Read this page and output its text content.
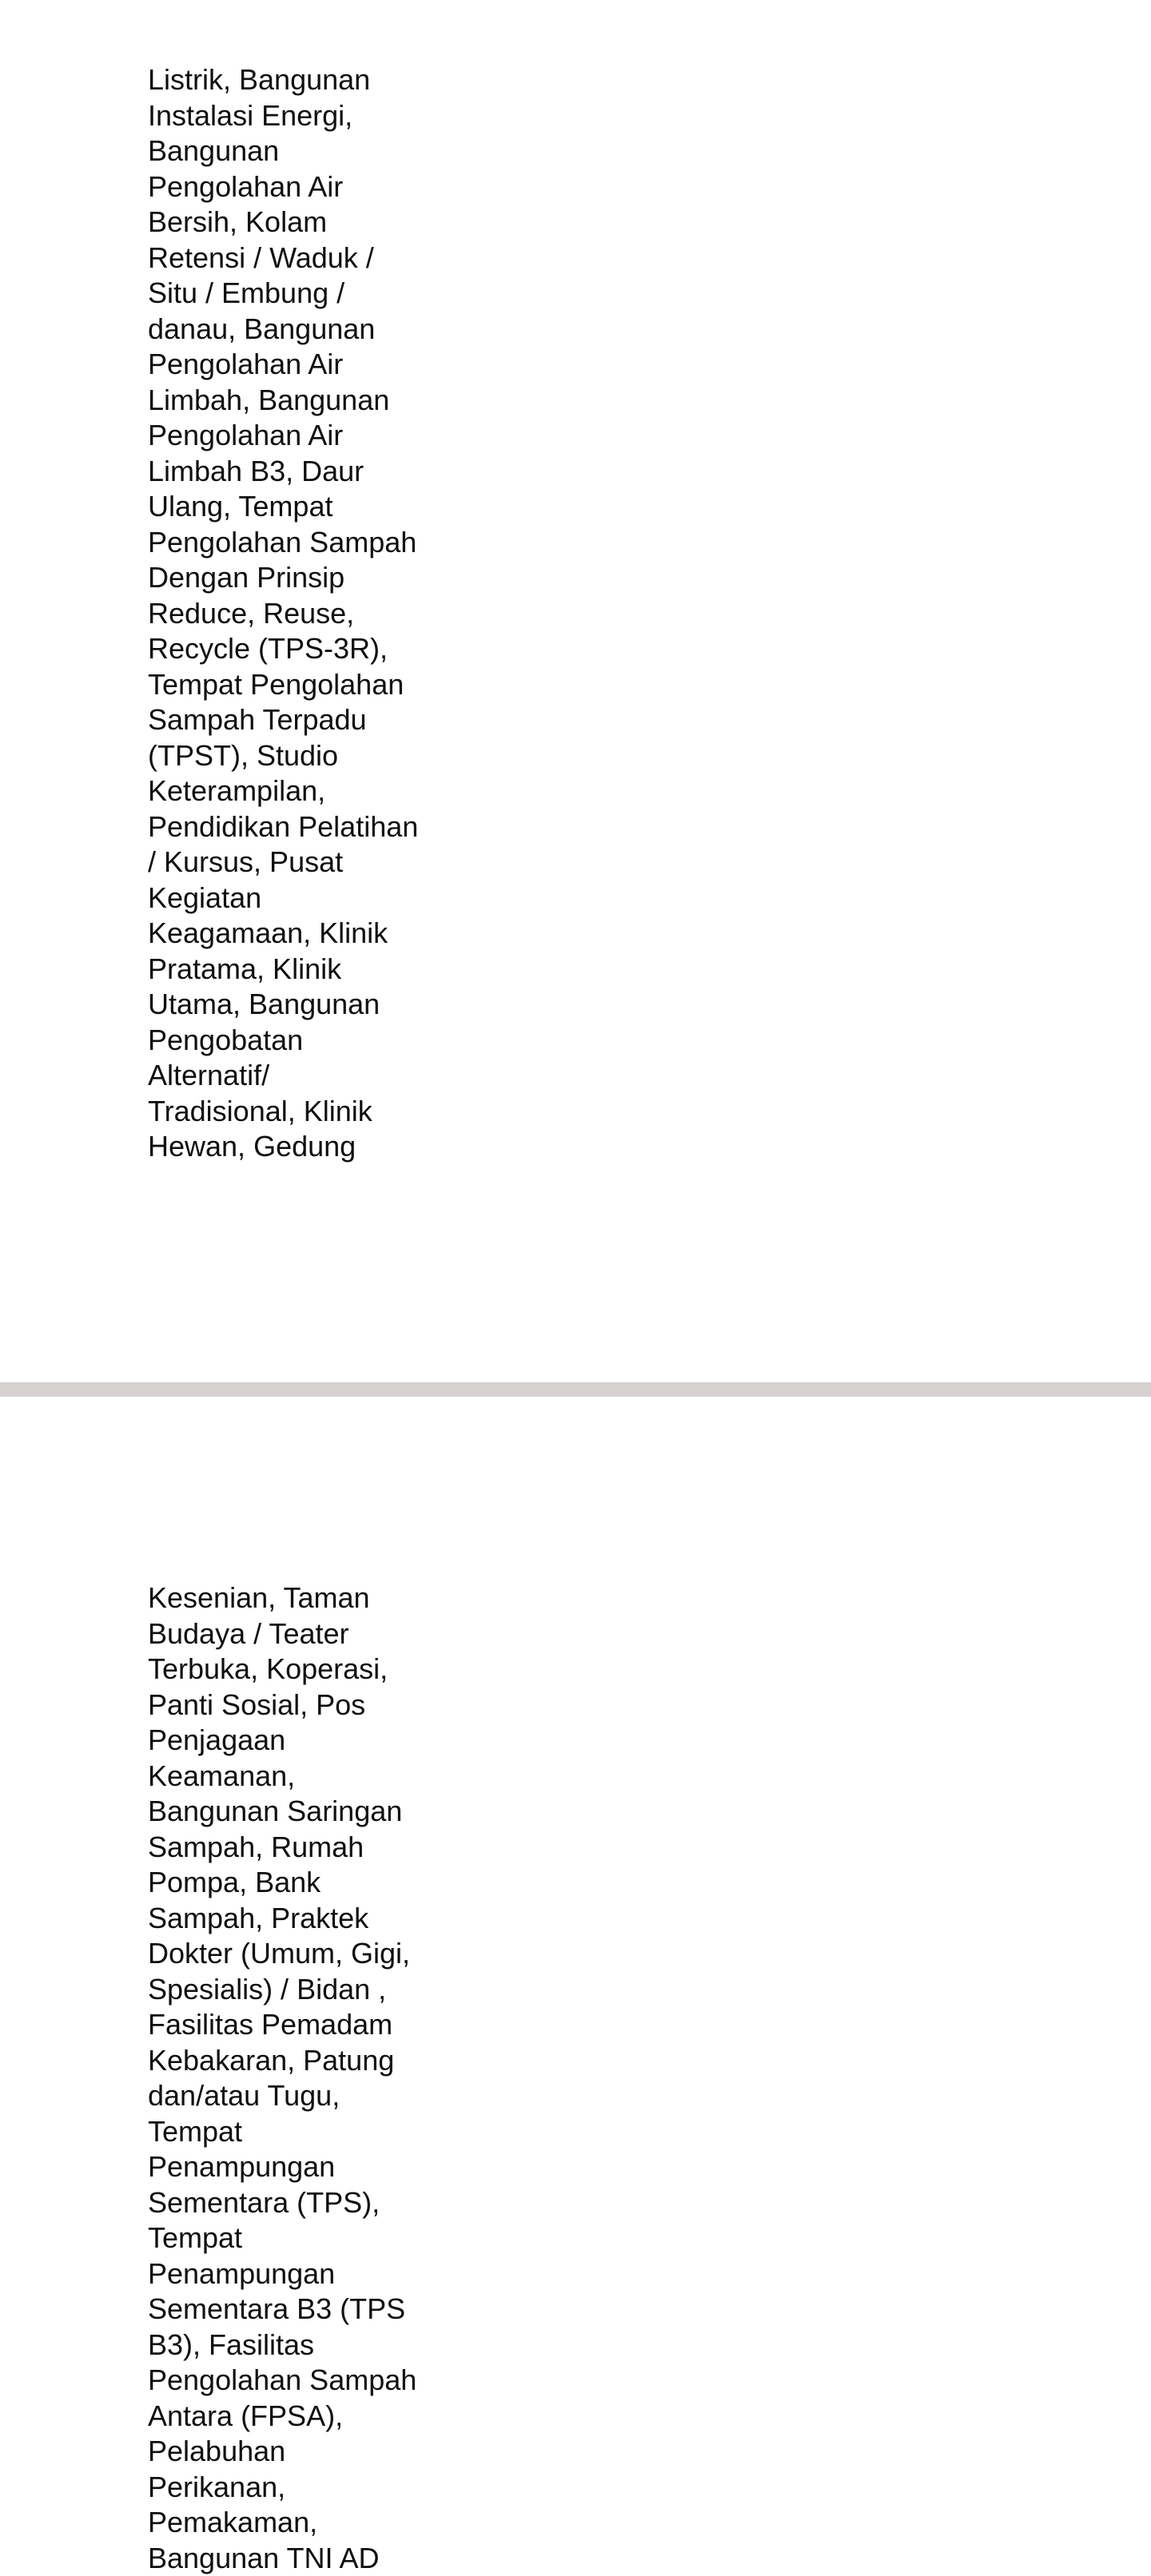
Listrik, Bangunan
Instalasi Energi,
Bangunan
Pengolahan Air
Bersih, Kolam
Retensi / Waduk /
Situ / Embung /
danau, Bangunan
Pengolahan Air
Limbah, Bangunan
Pengolahan Air
Limbah B3, Daur
Ulang, Tempat
Pengolahan Sampah
Dengan Prinsip
Reduce, Reuse,
Recycle (TPS-3R),
Tempat Pengolahan
Sampah Terpadu
(TPST), Studio
Keterampilan,
Pendidikan Pelatihan
/ Kursus, Pusat
Kegiatan
Keagamaan, Klinik
Pratama, Klinik
Utama, Bangunan
Pengobatan
Alternatif/
Tradisional, Klinik
Hewan, Gedung
Kesenian, Taman
Budaya / Teater
Terbuka, Koperasi,
Panti Sosial, Pos
Penjagaan
Keamanan,
Bangunan Saringan
Sampah, Rumah
Pompa, Bank
Sampah, Praktek
Dokter (Umum, Gigi,
Spesialis) / Bidan ,
Fasilitas Pemadam
Kebakaran, Patung
dan/atau Tugu,
Tempat
Penampungan
Sementara (TPS),
Tempat
Penampungan
Sementara B3 (TPS
B3), Fasilitas
Pengolahan Sampah
Antara (FPSA),
Pelabuhan
Perikanan,
Pemakaman,
Bangunan TNI AD
